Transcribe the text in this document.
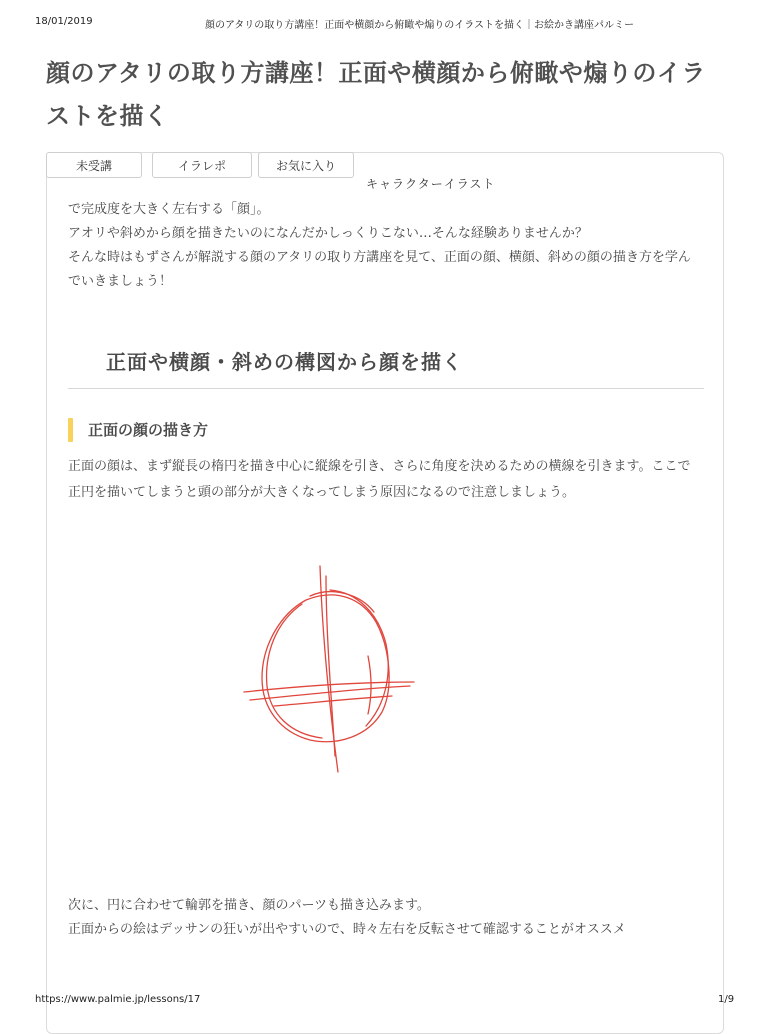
18/01/2019	顔のアタリの取り方講座！正面や横顔から俯瞰や煽りのイラストを描く｜お絵かき講座パルミー
顔のアタリの取り方講座！正面や横顔から俯瞰や煽りのイラストを描く
未受講	イラレポ	お気に入り
キャラクターイラスト
で完成度を大きく左右する「顔」。
アオリや斜めから顔を描きたいのになんだかしっくりこない…そんな経験ありませんか？
そんな時はもずさんが解説する顔のアタリの取り方講座を見て、正面の顔、横顔、斜めの顔の描き方を学んでいきましょう！
正面や横顔・斜めの構図から顔を描く
正面の顔の描き方

正面の顔は、まず縦長の楕円を描き中心に縦線を引き、さらに角度を決めるための横線を引きます。ここで正円を描いてしまうと頭の部分が大きくなってしまう原因になるので注意しましょう。

次に、円に合わせて輪郭を描き、顔のパーツも描き込みます。
正面からの絵はデッサンの狂いが出やすいので、時々左右を反転させて確認することがオススメ
https://www.palmie.jp/lessons/17	1/9
